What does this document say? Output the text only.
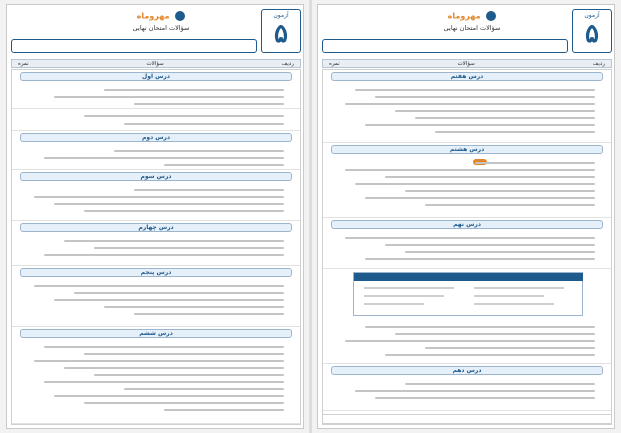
آزمون
۵
مهروماه
سؤالات امتحان نهایی
نمره	سؤالات	ردیف
درس اول
درس دوم
درس سوم
درس چهارم
درس پنجم
درس ششم
آزمون
۵
مهروماه
سؤالات امتحان نهایی
نمره	سؤالات	ردیف
درس هفتم
درس هشتم
درس نهم
درس دهم
